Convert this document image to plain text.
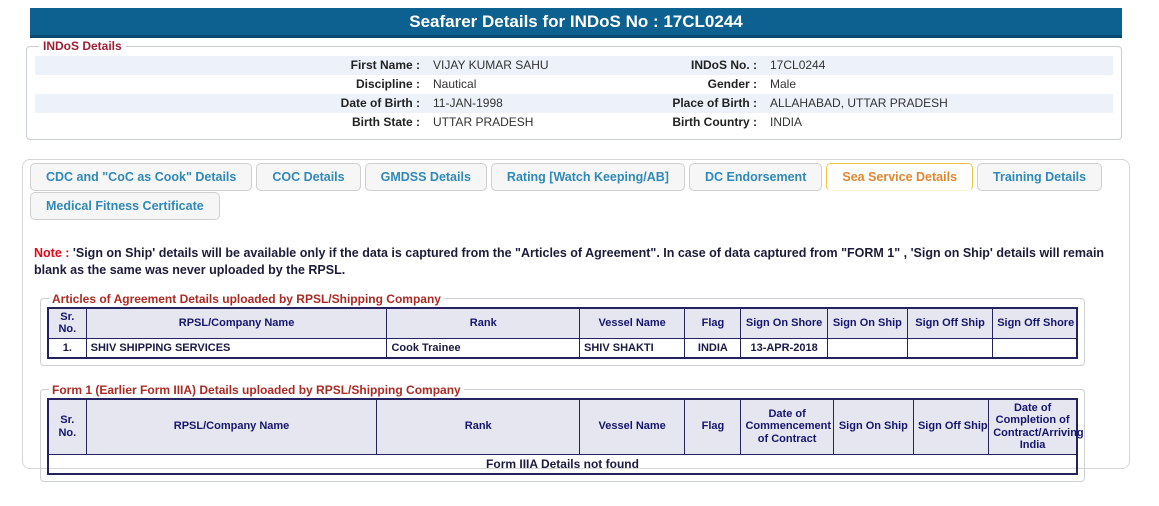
Seafarer Details for INDoS No : 17CL0244
INDoS Details
First Name :	VIJAY KUMAR SAHU	INDoS No. :	17CL0244
Discipline :	Nautical	Gender :	Male
Date of Birth :	11-JAN-1998	Place of Birth :	ALLAHABAD, UTTAR PRADESH
Birth State :	UTTAR PRADESH	Birth Country :	INDIA
CDC and "CoC as Cook" Details	COC Details	GMDSS Details	Rating [Watch Keeping/AB]	DC Endorsement	Sea Service Details	Training Details
Medical Fitness Certificate

Note : 'Sign on Ship' details will be available only if the data is captured from the "Articles of Agreement". In case of data captured from "FORM 1" , 'Sign on Ship' details will remain blank as the same was never uploaded by the RPSL.

Articles of Agreement Details uploaded by RPSL/Shipping Company
Sr. No.	RPSL/Company Name	Rank	Vessel Name	Flag	Sign On Shore	Sign On Ship	Sign Off Ship	Sign Off Shore
1.	SHIV SHIPPING SERVICES	Cook Trainee	SHIV SHAKTI	INDIA	13-APR-2018			
Form 1 (Earlier Form IIIA) Details uploaded by RPSL/Shipping Company
Sr. No.	RPSL/Company Name	Rank	Vessel Name	Flag	Date of Commencement of Contract	Sign On Ship	Sign Off Ship	Date of Completion of Contract/Arriving India
Form IIIA Details not found
